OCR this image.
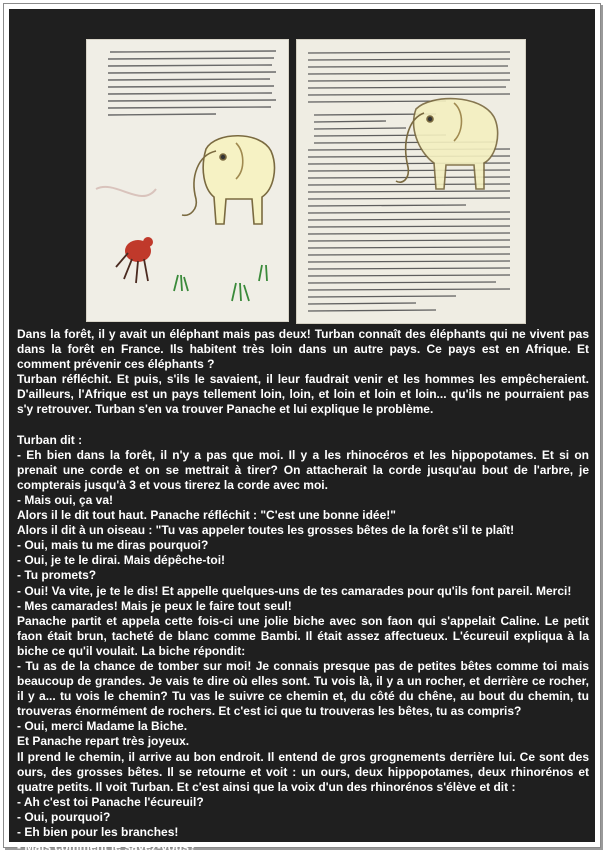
Dans la forêt, il y avait un éléphant mais pas deux! Turban connaît des éléphants qui ne vivent pas dans la forêt en France. Ils habitent très loin dans un autre pays. Ce pays est en Afrique. Et comment prévenir ces éléphants ?

Turban réfléchit. Et puis, s'ils le savaient, il leur faudrait venir et les hommes les empêcheraient. D'ailleurs, l'Afrique est un pays tellement loin, loin, et loin et loin et loin... qu'ils ne pourraient pas s'y retrouver. Turban s'en va trouver Panache et lui explique le problème.

Turban dit :

- Eh bien dans la forêt, il n'y a pas que moi. Il y a les rhinocéros et les hippopotames. Et si on prenait une corde et on se mettrait à tirer? On attacherait la corde jusqu'au bout de l'arbre, je compterais jusqu'à 3 et vous tirerez la corde avec moi.

- Mais oui, ça va!

Alors il le dit tout haut. Panache réfléchit : "C'est une bonne idée!"

Alors il dit à un oiseau : "Tu vas appeler toutes les grosses bêtes de la forêt s'il te plaît!

- Oui, mais tu me diras pourquoi?

- Oui, je te le dirai. Mais dépêche-toi!

- Tu promets?

- Oui! Va vite, je te le dis! Et appelle quelques-uns de tes camarades pour qu'ils font pareil. Merci!

- Mes camarades! Mais je peux le faire tout seul!

Panache partit et appela cette fois-ci une jolie biche avec son faon qui s'appelait Caline. Le petit faon était brun, tacheté de blanc comme Bambi. Il était assez affectueux. L'écureuil expliqua à la biche ce qu'il voulait. La biche répondit:

- Tu as de la chance de tomber sur moi! Je connais presque pas de petites bêtes comme toi mais beaucoup de grandes. Je vais te dire où elles sont. Tu vois là, il y a un rocher, et derrière ce rocher, il y a... tu vois le chemin? Tu vas le suivre ce chemin et, du côté du chêne, au bout du chemin, tu trouveras énormément de rochers. Et c'est ici que tu trouveras les bêtes, tu as compris?

- Oui, merci Madame la Biche.

Et Panache repart très joyeux.

Il prend le chemin, il arrive au bon endroit. Il entend de gros grognements derrière lui. Ce sont des ours, des grosses bêtes. Il se retourne et voit : un ours, deux hippopotames, deux rhinorénos et quatre petits. Il voit Turban. Et c'est ainsi que la voix d'un des rhinorénos s'élève et dit :

- Ah c'est toi Panache l'écureuil?

- Oui, pourquoi?

- Eh bien pour les branches!

- Mais comment le savez-vous?
